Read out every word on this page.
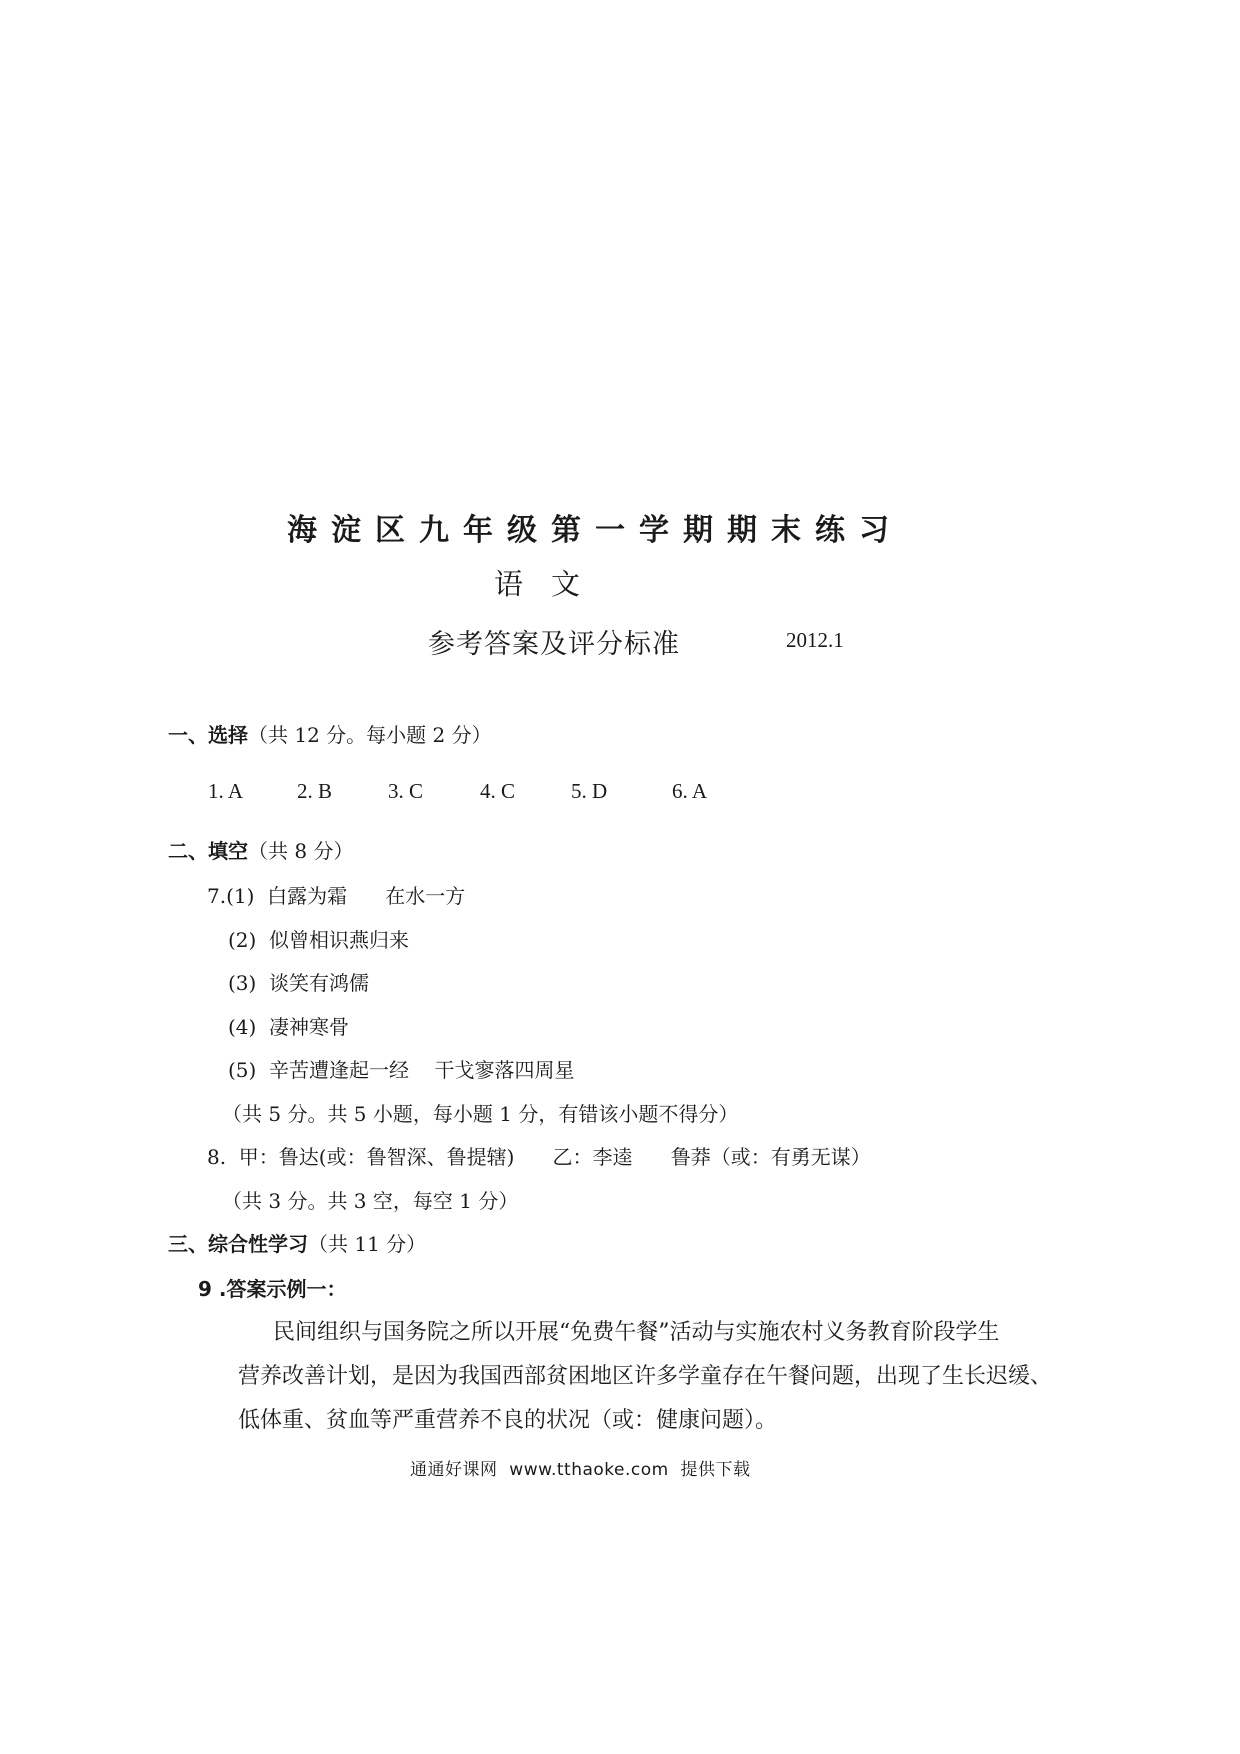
海淀区九年级第一学期期末练习
语文
参考答案及评分标准	2012.1
一、选择（共 12 分。每小题 2 分）
1. A	2. B	3. C	4. C	5. D	6. A
二、填空（共 8 分）
7.(1)  白露为霜      在水一方
(2)  似曾相识燕归来
(3)  谈笑有鸿儒
(4)  凄神寒骨
(5)  辛苦遭逢起一经    干戈寥落四周星
（共 5 分。共 5 小题，每小题 1 分，有错该小题不得分）
8.  甲：鲁达(或：鲁智深、鲁提辖)      乙：李逵      鲁莽（或：有勇无谋）
（共 3 分。共 3 空，每空 1 分）
三、综合性学习（共 11 分）
9 .答案示例一：
民间组织与国务院之所以开展“免费午餐”活动与实施农村义务教育阶段学生
营养改善计划，是因为我国西部贫困地区许多学童存在午餐问题，出现了生长迟缓、
低体重、贫血等严重营养不良的状况（或：健康问题）。
通通好课网  www.tthaoke.com  提供下载
